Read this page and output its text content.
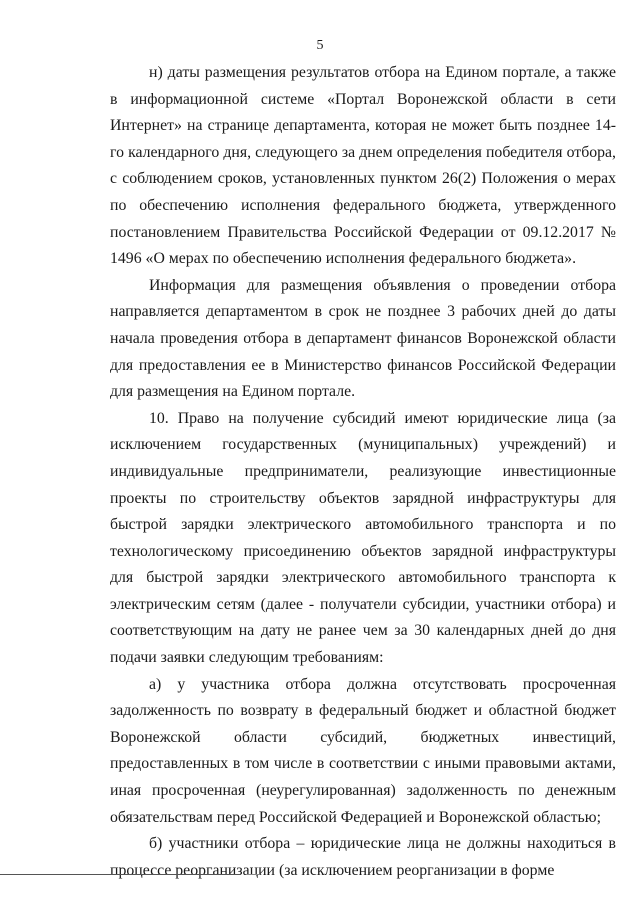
5

н) даты размещения результатов отбора на Едином портале, а также в информационной системе «Портал Воронежской области в сети Интернет» на странице департамента, которая не может быть позднее 14-го календарного дня, следующего за днем определения победителя отбора, с соблюдением сроков, установленных пунктом 26(2) Положения о мерах по обеспечению исполнения федерального бюджета, утвержденного постановлением Правительства Российской Федерации от 09.12.2017 № 1496 «О мерах по обеспечению исполнения федерального бюджета».

Информация для размещения объявления о проведении отбора направляется департаментом в срок не позднее 3 рабочих дней до даты начала проведения отбора в департамент финансов Воронежской области для предоставления ее в Министерство финансов Российской Федерации для размещения на Едином портале.

10. Право на получение субсидий имеют юридические лица (за исключением государственных (муниципальных) учреждений) и индивидуальные предприниматели, реализующие инвестиционные проекты по строительству объектов зарядной инфраструктуры для быстрой зарядки электрического автомобильного транспорта и по технологическому присоединению объектов зарядной инфраструктуры для быстрой зарядки электрического автомобильного транспорта к электрическим сетям (далее - получатели субсидии, участники отбора) и соответствующим на дату не ранее чем за 30 календарных дней до дня подачи заявки следующим требованиям:

а) у участника отбора должна отсутствовать просроченная задолженность по возврату в федеральный бюджет и областной бюджет Воронежской области субсидий, бюджетных инвестиций, предоставленных в том числе в соответствии с иными правовыми актами, иная просроченная (неурегулированная) задолженность по денежным обязательствам перед Российской Федерацией и Воронежской областью;

б) участники отбора – юридические лица не должны находиться в процессе реорганизации (за исключением реорганизации в форме
